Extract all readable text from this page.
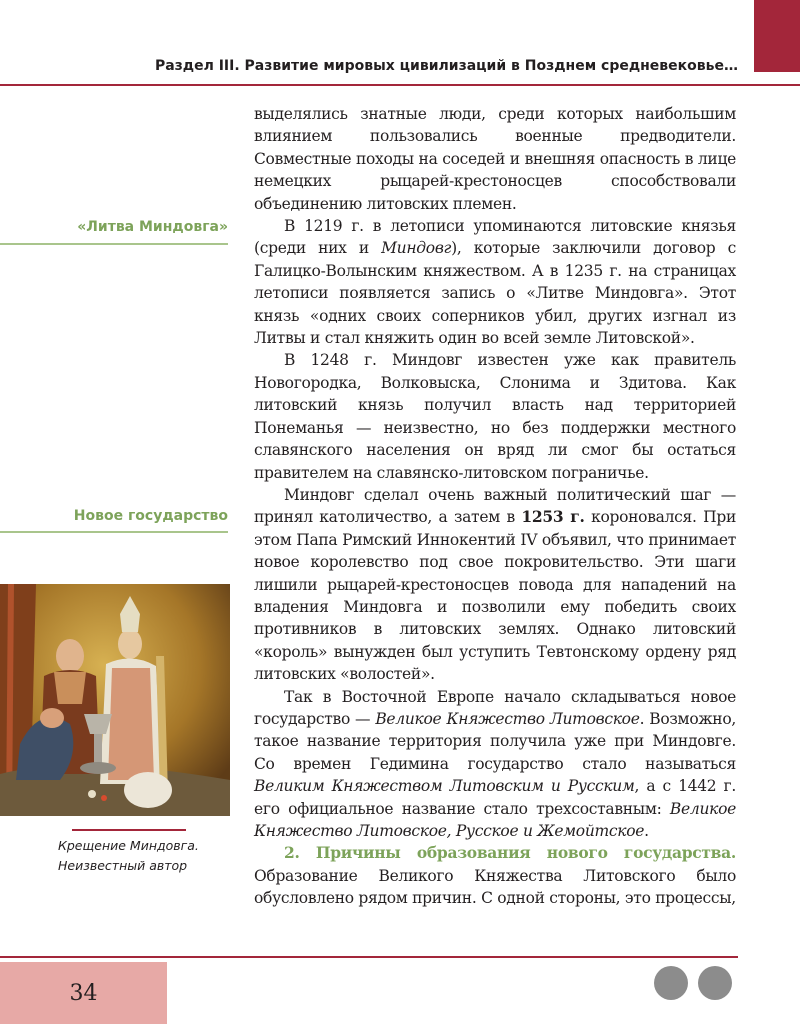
Раздел III. Развитие мировых цивилизаций в Позднем средневековье…
«Литва Миндовга»
Новое государство
Крещение Миндовга.
Неизвестный автор

выделялись знатные люди, среди которых наибольшим влиянием пользовались военные предводители. Совместные походы на соседей и внешняя опасность в лице немецких рыцарей-крестоносцев способствовали объединению литовских племен.

В 1219 г. в летописи упоминаются литовские князья (среди них и Миндовг), которые заключили договор с Галицко-Волынским княжеством. А в 1235 г. на страницах летописи появляется запись о «Литве Миндовга». Этот князь «одних своих соперников убил, других изгнал из Литвы и стал княжить один во всей земле Литовской».

В 1248 г. Миндовг известен уже как правитель Новогородка, Волковыска, Слонима и Здитова. Как литовский князь получил власть над территорией Понеманья — неизвестно, но без поддержки местного славянского населения он вряд ли смог бы остаться правителем на славянско-литовском пограничье.

Миндовг сделал очень важный политический шаг — принял католичество, а затем в 1253 г. короновался. При этом Папа Римский Иннокентий IV объявил, что принимает новое королевство под свое покровительство. Эти шаги лишили рыцарей-крестоносцев повода для нападений на владения Миндовга и позволили ему победить своих противников в литовских землях. Однако литовский «король» вынужден был уступить Тевтонскому ордену ряд литовских «волостей».

Так в Восточной Европе начало складываться новое государство — Великое Княжество Литовское. Возможно, такое название территория получила уже при Миндовге. Со времен Гедимина государство стало называться Великим Княжеством Литовским и Русским, а с 1442 г. его официальное название стало трехсоставным: Великое Княжество Литовское, Русское и Жемойтское.

2. Причины образования нового государства. Образование Великого Княжества Литовского было обусловлено рядом причин. С одной стороны, это процессы,

34
